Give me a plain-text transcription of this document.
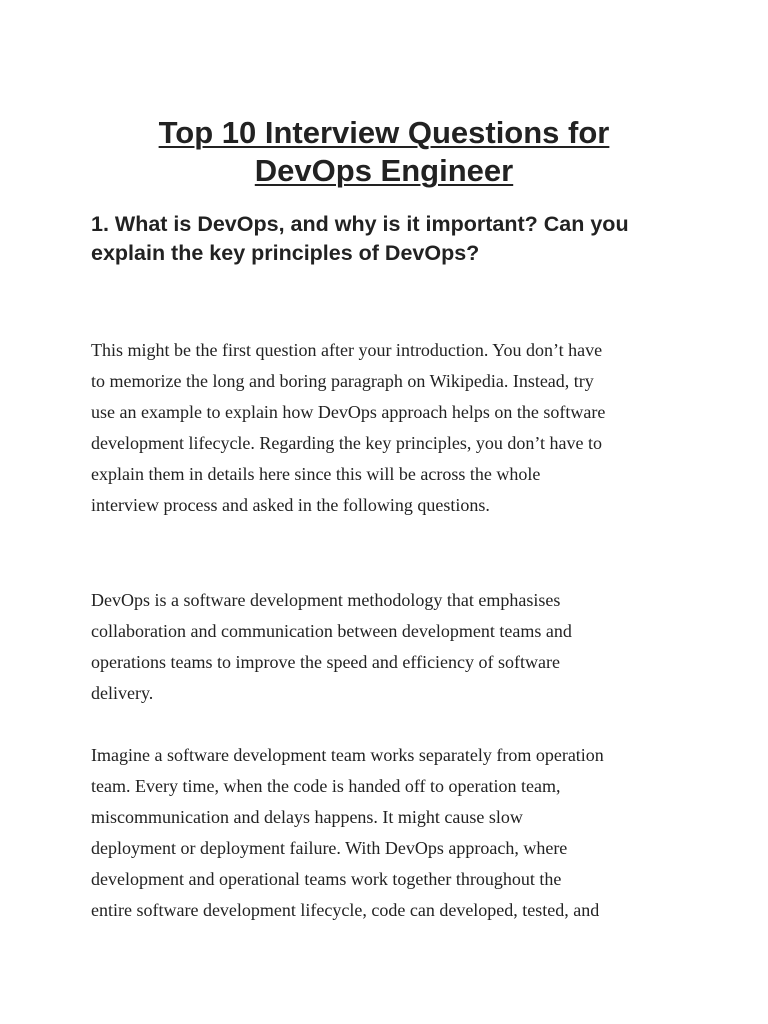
Top 10 Interview Questions for
DevOps Engineer
1. What is DevOps, and why is it important? Can you
explain the key principles of DevOps?
This might be the first question after your introduction. You don’t have
to memorize the long and boring paragraph on Wikipedia. Instead, try
use an example to explain how DevOps approach helps on the software
development lifecycle. Regarding the key principles, you don’t have to
explain them in details here since this will be across the whole
interview process and asked in the following questions.
DevOps is a software development methodology that emphasises
collaboration and communication between development teams and
operations teams to improve the speed and efficiency of software
delivery.
Imagine a software development team works separately from operation
team. Every time, when the code is handed off to operation team,
miscommunication and delays happens. It might cause slow
deployment or deployment failure. With DevOps approach, where
development and operational teams work together throughout the
entire software development lifecycle, code can developed, tested, and
